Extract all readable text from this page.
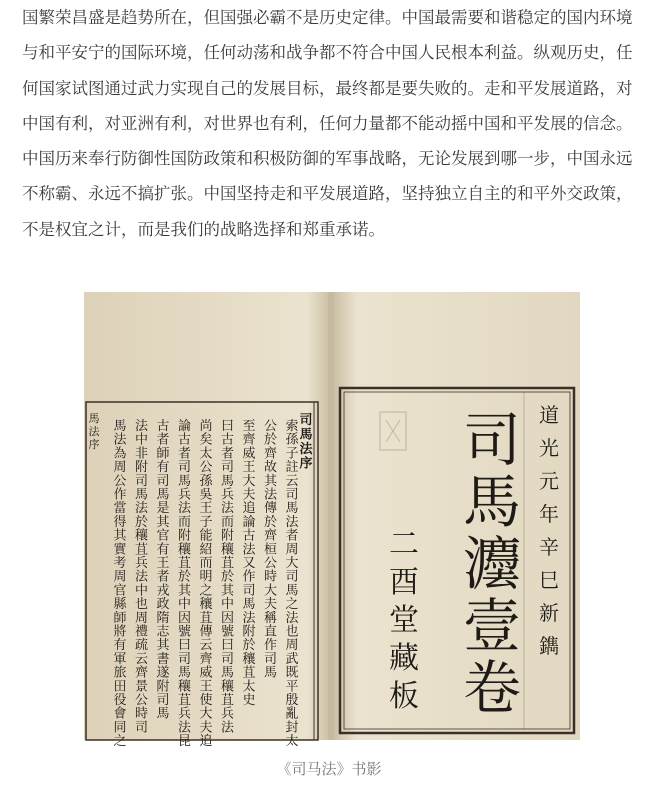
国繁荣昌盛是趋势所在，但国强必霸不是历史定律。中国最需要和谐稳定的国内环境与和平安宁的国际环境，任何动荡和战争都不符合中国人民根本利益。纵观历史，任何国家试图通过武力实现自己的发展目标，最终都是要失败的。走和平发展道路，对中国有利，对亚洲有利，对世界也有利，任何力量都不能动摇中国和平发展的信念。中国历来奉行防御性国防政策和积极防御的军事战略，无论发展到哪一步，中国永远不称霸、永远不搞扩张。中国坚持走和平发展道路，坚持独立自主的和平外交政策，不是权宜之计，而是我们的战略选择和郑重承诺。

索
孫
子
註
云
司
馬
法
者
周
大
司
馬
之
法
也
周
武
既
平
殷
亂
封
太
公
於
齊
故
其
法
傳
於
齊
桓
公
時
大
夫
稱
直
作
司
馬
至
齊
威
王
大
夫
追
論
古
法
又
作
司
馬
法
附
於
穰
苴
太
史
曰
古
者
司
馬
兵
法
而
附
穰
苴
於
其
中
因
號
曰
司
馬
穰
苴
兵
法
尚
矣
太
公
孫
吳
王
子
能
紹
而
明
之
穰
苴
傳
云
齊
威
王
使
大
夫
追
論
古
者
司
馬
兵
法
而
附
穰
苴
於
其
中
因
號
曰
司
馬
穰
苴
兵
法
昆
古
者
師
有
司
馬
是
其
官
有
王
者
戎
政
隋
志
其
書
遂
附
司
馬
法
中
非
附
司
馬
法
於
穰
苴
兵
法
中
也
周
禮
疏
云
齊
景
公
時
司
馬
法
為
周
公
作
當
得
其
實
考
周
官
縣
師
將
有
軍
旅
田
役
會
同
之
司
馬
法
序
馬
法
序
道
光
元
年
辛
巳
新
鐫
司
馬
灋
壹
卷
二
酉
堂
藏
板
《司马法》书影
